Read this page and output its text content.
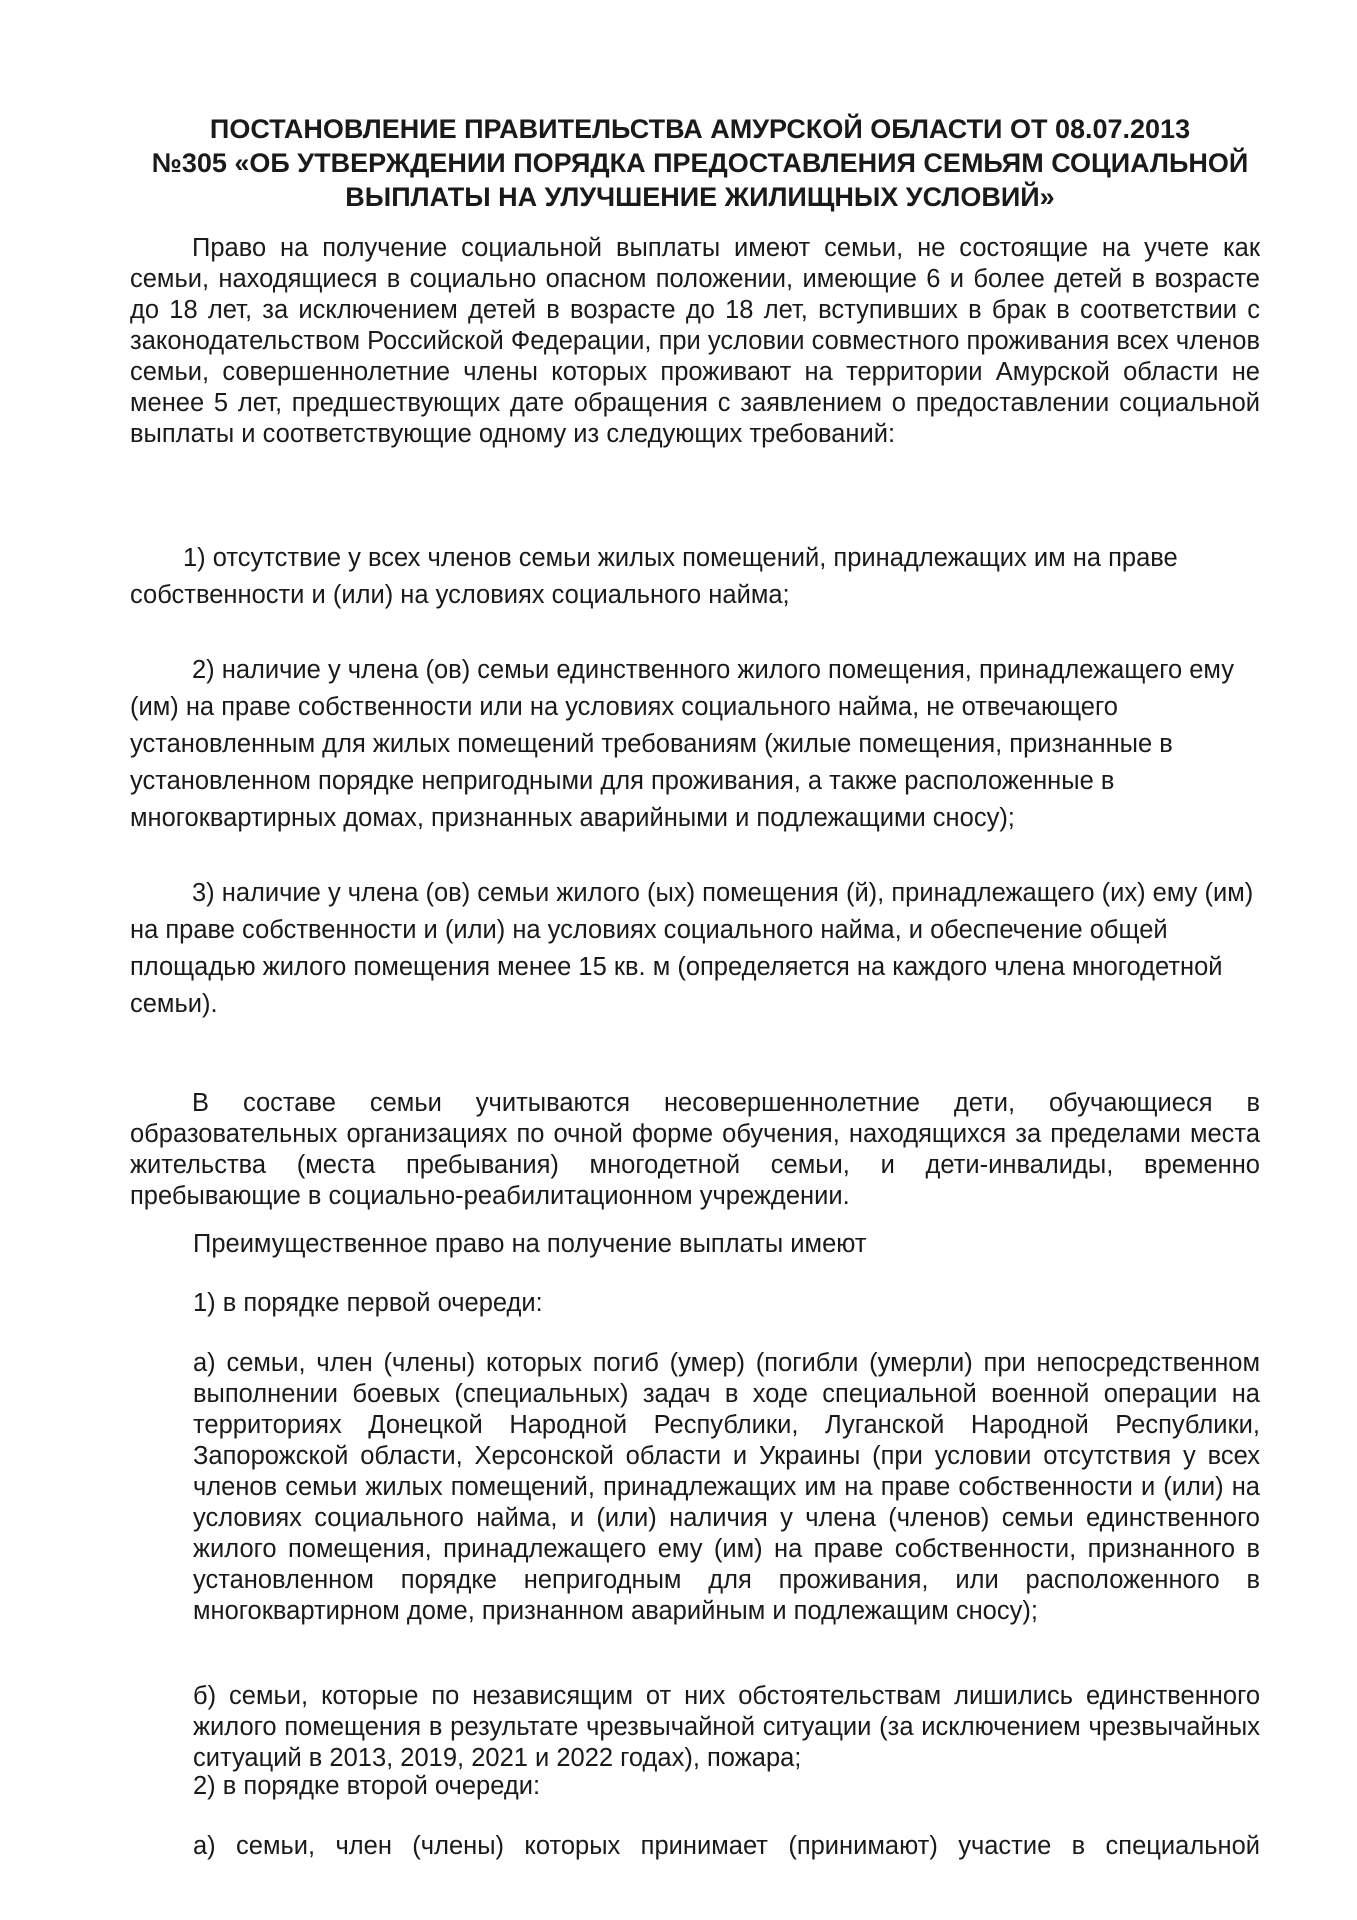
ПОСТАНОВЛЕНИЕ ПРАВИТЕЛЬСТВА АМУРСКОЙ ОБЛАСТИ ОТ 08.07.2013
№305 «ОБ УТВЕРЖДЕНИИ ПОРЯДКА ПРЕДОСТАВЛЕНИЯ СЕМЬЯМ СОЦИАЛЬНОЙ
ВЫПЛАТЫ НА УЛУЧШЕНИЕ ЖИЛИЩНЫХ УСЛОВИЙ»

Право на получение социальной выплаты имеют семьи, не состоящие на учете как семьи, находящиеся в социально опасном положении, имеющие 6 и более детей в возрасте до 18 лет, за исключением детей в возрасте до 18 лет, вступивших в брак в соответствии с законодательством Российской Федерации, при условии совместного проживания всех членов семьи, совершеннолетние члены которых проживают на территории Амурской области не менее 5 лет, предшествующих дате обращения с заявлением о предоставлении социальной выплаты и соответствующие одному из следующих требований:

1) отсутствие у всех членов семьи жилых помещений, принадлежащих им на праве собственности и (или) на условиях социального найма;

2) наличие у члена (ов) семьи единственного жилого помещения, принадлежащего ему (им) на праве собственности или на условиях социального найма, не отвечающего установленным для жилых помещений требованиям (жилые помещения, признанные в установленном порядке непригодными для проживания, а также расположенные в многоквартирных домах, признанных аварийными и подлежащими сносу);

3) наличие у члена (ов) семьи жилого (ых) помещения (й), принадлежащего (их) ему (им) на праве собственности и (или) на условиях социального найма, и обеспечение общей площадью жилого помещения менее 15 кв. м (определяется на каждого члена многодетной семьи).

В составе семьи учитываются несовершеннолетние дети, обучающиеся в образовательных организациях по очной форме обучения, находящихся за пределами места жительства (места пребывания) многодетной семьи, и дети-инвалиды, временно пребывающие в социально-реабилитационном учреждении.

Преимущественное право на получение выплаты имеют

1) в порядке первой очереди:

а) семьи, член (члены) которых погиб (умер) (погибли (умерли) при непосредственном выполнении боевых (специальных) задач в ходе специальной военной операции на территориях Донецкой Народной Республики, Луганской Народной Республики, Запорожской области, Херсонской области и Украины (при условии отсутствия у всех членов семьи жилых помещений, принадлежащих им на праве собственности и (или) на условиях социального найма, и (или) наличия у члена (членов) семьи единственного жилого помещения, принадлежащего ему (им) на праве собственности, признанного в установленном порядке непригодным для проживания, или расположенного в многоквартирном доме, признанном аварийным и подлежащим сносу);

б) семьи, которые по независящим от них обстоятельствам лишились единственного жилого помещения в результате чрезвычайной ситуации (за исключением чрезвычайных ситуаций в 2013, 2019, 2021 и 2022 годах), пожара;

2) в порядке второй очереди:

а) семьи, член (члены) которых принимает (принимают) участие в специальной
